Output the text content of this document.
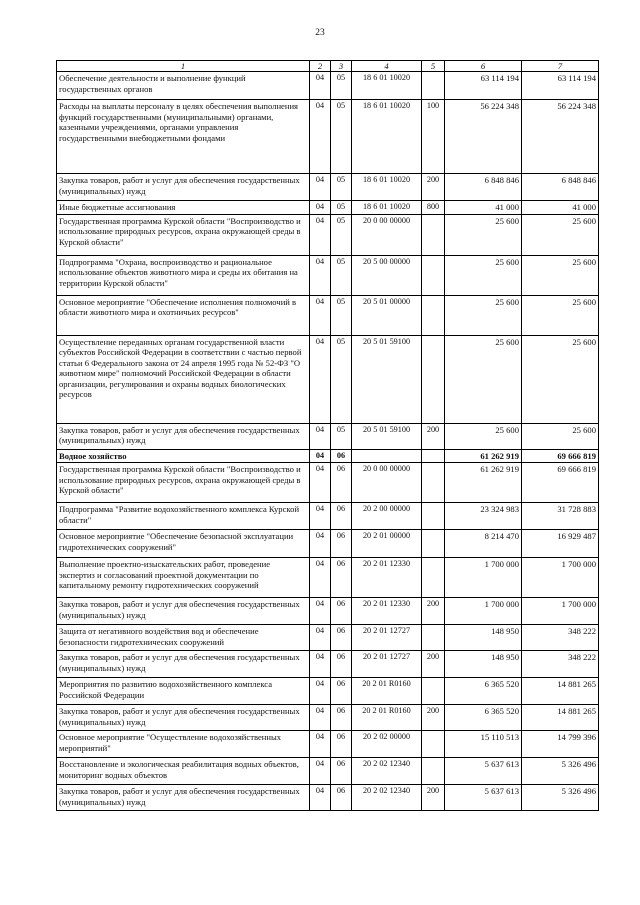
23
1	2	3	4	5	6	7
Обеспечение деятельности и выполнение функций государственных органов	04	05	18 6 01 10020		63 114 194	63 114 194
Расходы на выплаты персоналу в целях обеспечения выполнения функций государственными (муниципальными) органами, казенными учреждениями, органами управления государственными внебюджетными фондами	04	05	18 6 01 10020	100	56 224 348	56 224 348
Закупка товаров, работ и услуг для обеспечения государственных (муниципальных) нужд	04	05	18 6 01 10020	200	6 848 846	6 848 846
Иные бюджетные ассигнования	04	05	18 6 01 10020	800	41 000	41 000
Государственная программа Курской области "Воспроизводство и использование природных ресурсов, охрана окружающей среды в Курской области"	04	05	20 0 00 00000		25 600	25 600
Подпрограмма "Охрана, воспроизводство и рациональное использование объектов животного мира и среды их обитания на территории Курской области"	04	05	20 5 00 00000		25 600	25 600
Основное мероприятие "Обеспечение исполнения полномочий в области животного мира и охотничьих ресурсов"	04	05	20 5 01 00000		25 600	25 600
Осуществление переданных органам государственной власти субъектов Российской Федерации в соответствии с частью первой статьи 6 Федерального закона от 24 апреля 1995 года № 52-ФЗ "О животном мире" полномочий Российской Федерации в области организации, регулирования и охраны водных биологических ресурсов	04	05	20 5 01 59100		25 600	25 600
Закупка товаров, работ и услуг для обеспечения государственных (муниципальных) нужд	04	05	20 5 01 59100	200	25 600	25 600
Водное хозяйство	04	06			61 262 919	69 666 819
Государственная программа Курской области "Воспроизводство и использование природных ресурсов, охрана окружающей среды в Курской области"	04	06	20 0 00 00000		61 262 919	69 666 819
Подпрограмма "Развитие водохозяйственного комплекса Курской области"	04	06	20 2 00 00000		23 324 983	31 728 883
Основное мероприятие "Обеспечение безопасной эксплуатации гидротехнических сооружений"	04	06	20 2 01 00000		8 214 470	16 929 487
Выполнение проектно-изыскательских работ, проведение экспертиз и согласований проектной документации по капитальному ремонту гидротехнических сооружений	04	06	20 2 01 12330		1 700 000	1 700 000
Закупка товаров, работ и услуг для обеспечения государственных (муниципальных) нужд	04	06	20 2 01 12330	200	1 700 000	1 700 000
Защита от негативного воздействия вод и обеспечение безопасности гидротехнических сооружений	04	06	20 2 01 12727		148 950	348 222
Закупка товаров, работ и услуг для обеспечения государственных (муниципальных) нужд	04	06	20 2 01 12727	200	148 950	348 222
Мероприятия по развитию водохозяйственного комплекса Российской Федерации	04	06	20 2 01 R0160		6 365 520	14 881 265
Закупка товаров, работ и услуг для обеспечения государственных (муниципальных) нужд	04	06	20 2 01 R0160	200	6 365 520	14 881 265
Основное мероприятие "Осуществление водохозяйственных мероприятий"	04	06	20 2 02 00000		15 110 513	14 799 396
Восстановление и экологическая реабилитация водных объектов, мониторинг водных объектов	04	06	20 2 02 12340		5 637 613	5 326 496
Закупка товаров, работ и услуг для обеспечения государственных (муниципальных) нужд	04	06	20 2 02 12340	200	5 637 613	5 326 496
